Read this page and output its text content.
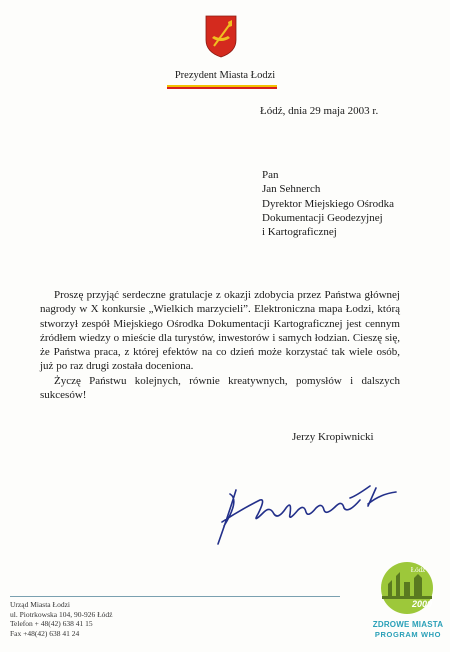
Prezydent Miasta Łodzi
Łódź, dnia 29 maja 2003 r.
Pan
Jan Sehnerch
Dyrektor Miejskiego Ośrodka
Dokumentacji Geodezyjnej
i Kartograficznej

Proszę przyjąć serdeczne gratulacje z okazji zdobycia przez Państwa głównej nagrody w X konkursie „Wielkich marzycieli”. Elektroniczna mapa Łodzi, którą stworzył zespół Miejskiego Ośrodka Dokumentacji Kartograficznej jest cennym źródłem wiedzy o mieście dla turystów, inwestorów i samych łodzian. Cieszę się, że Państwa praca, z której efektów na co dzień może korzystać tak wiele osób, już po raz drugi została doceniona.

Życzę Państwu kolejnych, równie kreatywnych, pomysłów i dalszych sukcesów!

Jerzy Kropiwnicki
Urząd Miasta Łodzi
ul. Piotrkowska 104, 90-926 Łódź
Telefon + 48(42) 638 41 15
Fax +48(42) 638 41 24
Łódź
2000
ZDROWE MIASTA
PROGRAM WHO
